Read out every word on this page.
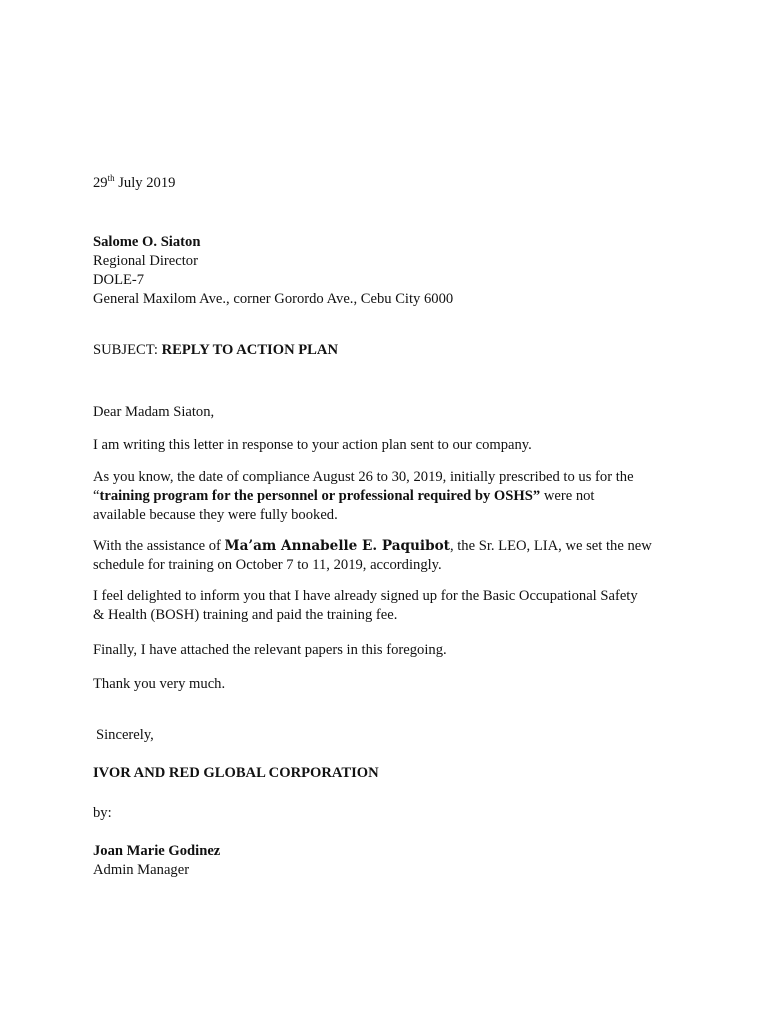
29th July 2019

Salome O. Siaton
Regional Director
DOLE-7
General Maxilom Ave., corner Gorordo Ave., Cebu City 6000

SUBJECT: REPLY TO ACTION PLAN

Dear Madam Siaton,

I am writing this letter in response to your action plan sent to our company.

As you know, the date of compliance August 26 to 30, 2019, initially prescribed to us for the
“training program for the personnel or professional required by OSHS” were not
available because they were fully booked.
With the assistance of Ma’am Annabelle E. Paquibot, the Sr. LEO, LIA, we set the new
schedule for training on October 7 to 11, 2019, accordingly.
I feel delighted to inform you that I have already signed up for the Basic Occupational Safety
& Health (BOSH) training and paid the training fee.

Finally, I have attached the relevant papers in this foregoing.

Thank you very much.

Sincerely,

IVOR AND RED GLOBAL CORPORATION

by:

Joan Marie Godinez
Admin Manager
